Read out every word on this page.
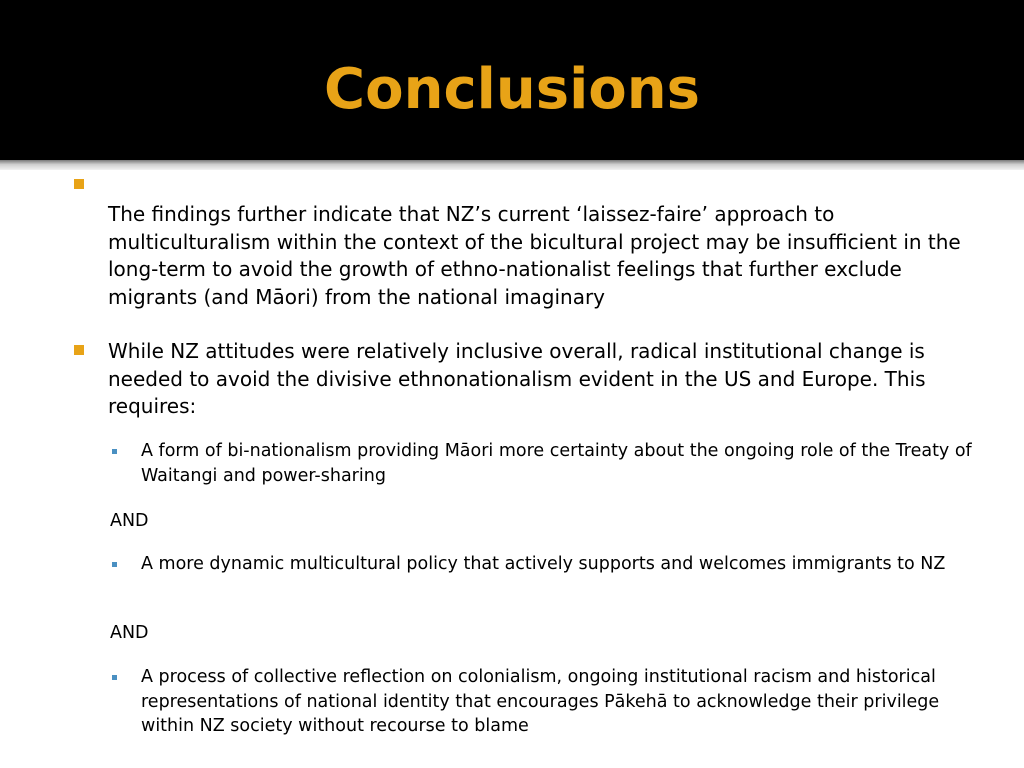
Conclusions
The findings further indicate that NZ’s current ‘laissez-faire’ approach to multiculturalism within the context of the bicultural project may be insufficient in the long-term to avoid the growth of ethno-nationalist feelings that further exclude migrants (and Māori) from the national imaginary
While NZ attitudes were relatively inclusive overall, radical institutional change is needed to avoid the divisive ethnonationalism evident in the US and Europe. This requires:
A form of bi-nationalism providing Māori more certainty about the ongoing role of the Treaty of Waitangi and power-sharing
AND
A more dynamic multicultural policy that actively supports and welcomes immigrants to NZ
AND
A process of collective reflection on colonialism, ongoing institutional racism and historical representations of national identity that encourages Pākehā to acknowledge their privilege within NZ society without recourse to blame
